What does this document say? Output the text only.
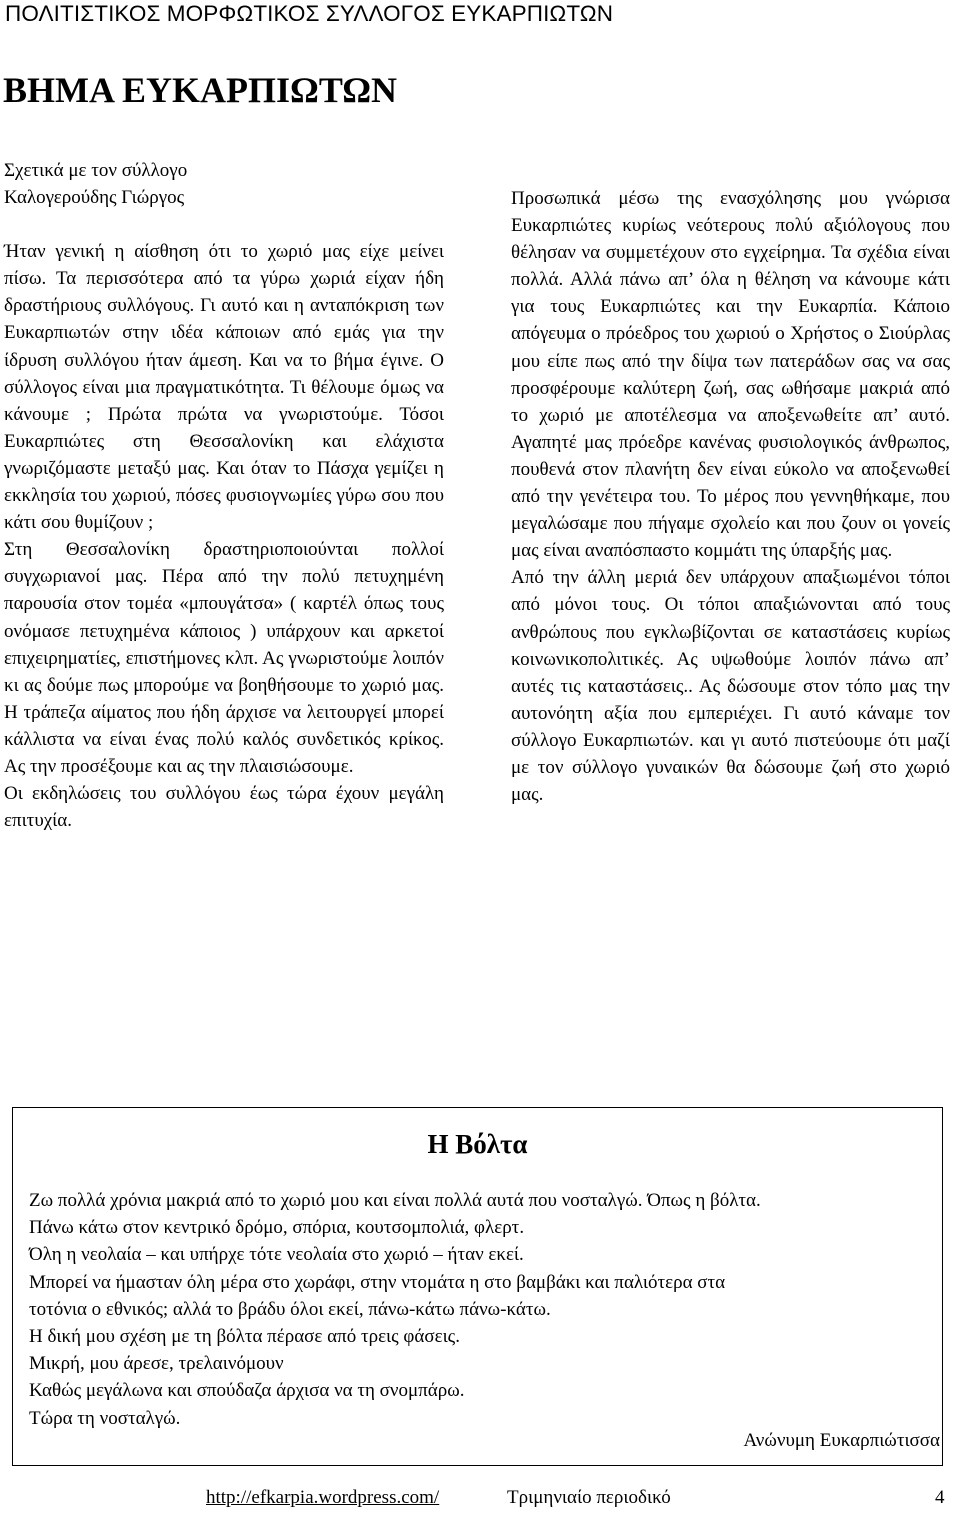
ΠΟΛΙΤΙΣΤΙΚΟΣ ΜΟΡΦΩΤΙΚΟΣ ΣΥΛΛΟΓΟΣ ΕΥΚΑΡΠΙΩΤΩΝ
ΒΗΜΑ ΕΥΚΑΡΠΙΩΤΩΝ
Σχετικά με τον σύλλογο
Καλογερούδης Γιώργος

Ήταν γενική η αίσθηση ότι το χωριό μας είχε μείνει πίσω. Τα περισσότερα από τα γύρω χωριά είχαν ήδη δραστήριους συλλόγους. Γι αυτό και η ανταπόκριση των Ευκαρπιωτών στην ιδέα κάποιων από εμάς για την ίδρυση συλλόγου ήταν άμεση. Και να το βήμα έγινε. Ο σύλλογος είναι μια πραγματικότητα. Τι θέλουμε όμως να κάνουμε ; Πρώτα πρώτα να γνωριστούμε. Τόσοι Ευκαρπιώτες στη Θεσσαλονίκη και ελάχιστα γνωριζόμαστε μεταξύ μας. Και όταν το Πάσχα γεμίζει η εκκλησία του χωριού, πόσες φυσιογνωμίες γύρω σου που κάτι σου θυμίζουν ;

Στη Θεσσαλονίκη δραστηριοποιούνται πολλοί συγχωριανοί μας. Πέρα από την πολύ πετυχημένη παρουσία στον τομέα «μπουγάτσα» ( καρτέλ όπως τους ονόμασε πετυχημένα κάποιος ) υπάρχουν και αρκετοί επιχειρηματίες, επιστήμονες κλπ. Ας γνωριστούμε λοιπόν κι ας δούμε πως μπορούμε να βοηθήσουμε το χωριό μας. Η τράπεζα αίματος που ήδη άρχισε να λειτουργεί μπορεί κάλλιστα να είναι ένας πολύ καλός συνδετικός κρίκος. Ας την προσέξουμε και ας την πλαισιώσουμε.

Οι εκδηλώσεις του συλλόγου έως τώρα έχουν μεγάλη επιτυχία.

Προσωπικά μέσω της ενασχόλησης μου γνώρισα Ευκαρπιώτες κυρίως νεότερους πολύ αξιόλογους που θέλησαν να συμμετέχουν στο εγχείρημα. Τα σχέδια είναι πολλά. Αλλά πάνω απ’ όλα η θέληση να κάνουμε κάτι για τους Ευκαρπιώτες και την Ευκαρπία. Κάποιο απόγευμα ο πρόεδρος του χωριού ο Χρήστος ο Σιούρλας μου είπε πως από την δίψα των πατεράδων σας να σας προσφέρουμε καλύτερη ζωή, σας ωθήσαμε μακριά από το χωριό με αποτέλεσμα να αποξενωθείτε απ’ αυτό. Αγαπητέ μας πρόεδρε κανένας φυσιολογικός άνθρωπος, πουθενά στον πλανήτη δεν είναι εύκολο να αποξενωθεί από την γενέτειρα του. Το μέρος που γεννηθήκαμε, που μεγαλώσαμε που πήγαμε σχολείο και που ζουν οι γονείς μας είναι αναπόσπαστο κομμάτι της ύπαρξής μας.

Από την άλλη μεριά δεν υπάρχουν απαξιωμένοι τόποι από μόνοι τους. Οι τόποι απαξιώνονται από τους ανθρώπους που εγκλωβίζονται σε καταστάσεις κυρίως κοινωνικοπολιτικές. Ας υψωθούμε λοιπόν πάνω απ’ αυτές τις καταστάσεις.. Ας δώσουμε στον τόπο μας την αυτονόητη αξία που εμπεριέχει. Γι αυτό κάναμε τον σύλλογο Ευκαρπιωτών. και γι αυτό πιστεύουμε ότι μαζί με τον σύλλογο γυναικών θα δώσουμε ζωή στο χωριό μας.

Η Βόλτα
Ζω πολλά χρόνια μακριά από το χωριό μου και είναι πολλά αυτά που νοσταλγώ. Όπως η βόλτα.
Πάνω κάτω στον κεντρικό δρόμο, σπόρια, κουτσομπολιά, φλερτ.
Όλη η νεολαία – και υπήρχε τότε νεολαία στο χωριό – ήταν εκεί.
Μπορεί να ήμασταν όλη μέρα στο χωράφι, στην ντομάτα η στο βαμβάκι και παλιότερα στα
τοτόνια ο εθνικός; αλλά το βράδυ όλοι εκεί, πάνω-κάτω πάνω-κάτω.
Η δική μου σχέση με τη βόλτα πέρασε από τρεις φάσεις.
Μικρή, μου άρεσε, τρελαινόμουν
Καθώς μεγάλωνα και σπούδαζα άρχισα να τη σνομπάρω.
Τώρα τη νοσταλγώ.
Ανώνυμη Ευκαρπιώτισσα
http://efkarpia.wordpress.com/	Τριμηνιαίο περιοδικό	4
